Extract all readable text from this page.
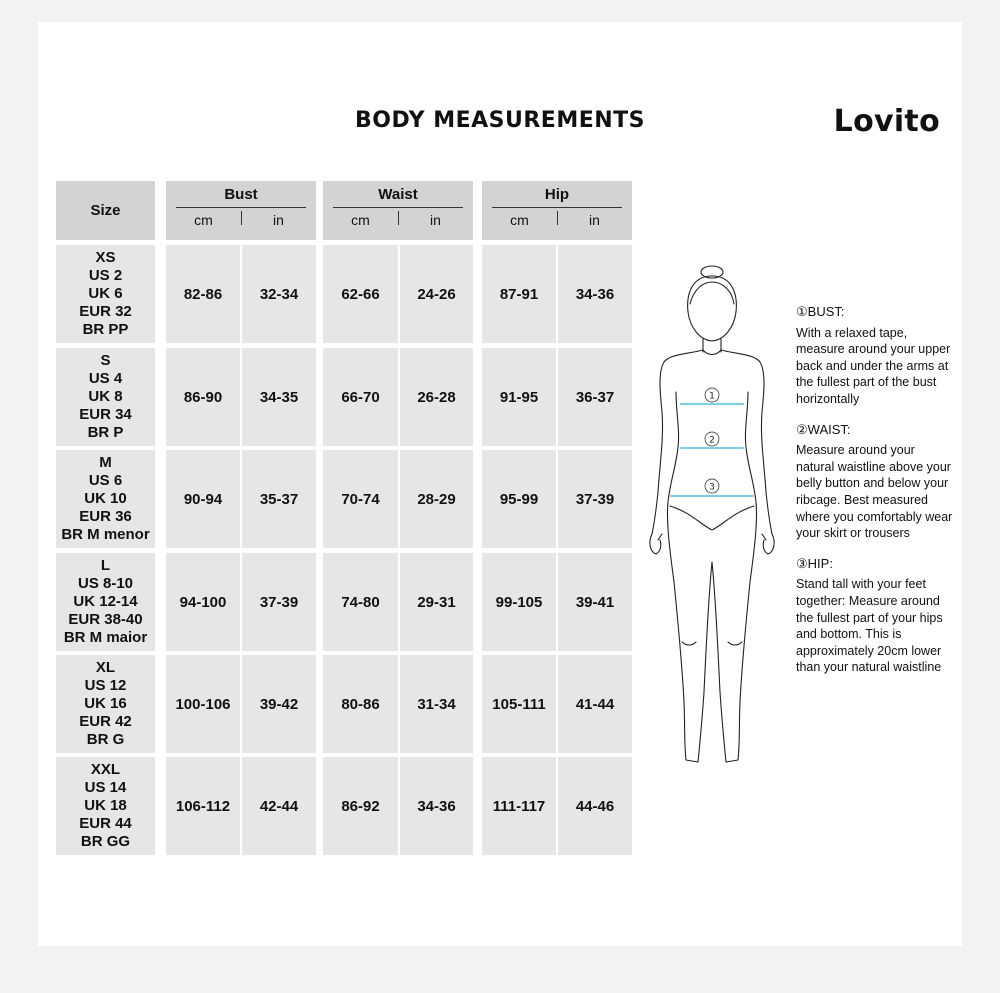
BODY MEASUREMENTS	Lovito
Size
Bust
cm	in
Waist
cm	in
Hip
cm	in
XS
US 2
UK 6
EUR 32
BR PP
82-86	32-34	62-66	24-26	87-91	34-36
S
US 4
UK 8
EUR 34
BR P
86-90	34-35	66-70	26-28	91-95	36-37
M
US 6
UK 10
EUR 36
BR M menor
90-94	35-37	70-74	28-29	95-99	37-39
L
US 8-10
UK 12-14
EUR 38-40
BR M maior
94-100	37-39	74-80	29-31	99-105	39-41
XL
US 12
UK 16
EUR 42
BR G
100-106	39-42	80-86	31-34	105-111	41-44
XXL
US 14
UK 18
EUR 44
BR GG
106-112	42-44	86-92	34-36	111-117	44-46
1
2
3
①BUST:
With a relaxed tape, measure around your upper back and under the arms at the fullest part of the bust horizontally
②WAIST:
Measure around your natural waistline above your belly button and below your ribcage. Best measured where you comfortably wear your skirt or trousers
③HIP:
Stand tall with your feet together: Measure around the fullest part of your hips and bottom. This is approximately 20cm lower than your natural waistline
